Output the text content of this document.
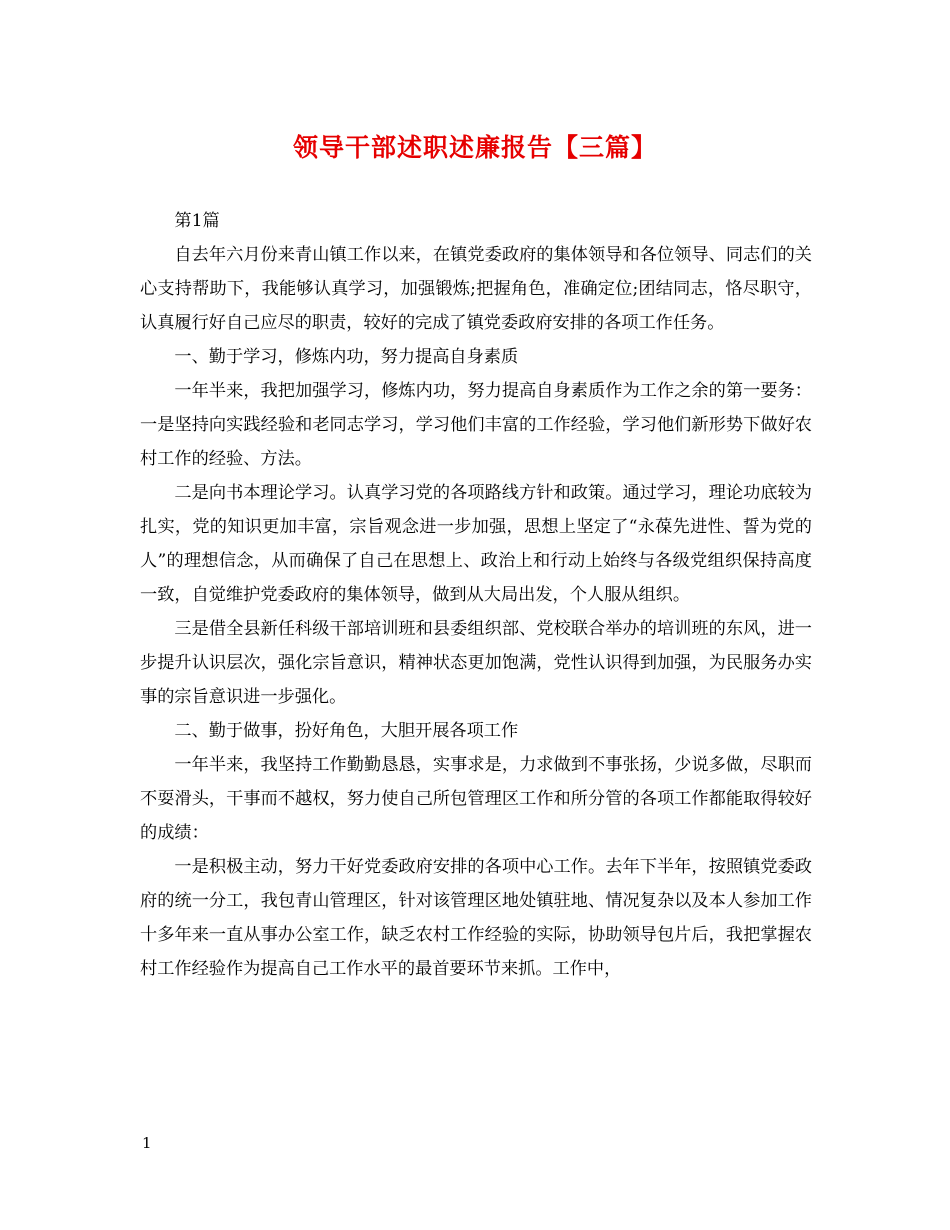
领导干部述职述廉报告【三篇】

第1篇

自去年六月份来青山镇工作以来，在镇党委政府的集体领导和各位领导、同志们的关心支持帮助下，我能够认真学习，加强锻炼;把握角色，准确定位;团结同志，恪尽职守，认真履行好自己应尽的职责，较好的完成了镇党委政府安排的各项工作任务。

一、勤于学习，修炼内功，努力提高自身素质

一年半来，我把加强学习，修炼内功，努力提高自身素质作为工作之余的第一要务：一是坚持向实践经验和老同志学习，学习他们丰富的工作经验，学习他们新形势下做好农村工作的经验、方法。

二是向书本理论学习。认真学习党的各项路线方针和政策。通过学习，理论功底较为扎实，党的知识更加丰富，宗旨观念进一步加强，思想上坚定了“永葆先进性、誓为党的人”的理想信念，从而确保了自己在思想上、政治上和行动上始终与各级党组织保持高度一致，自觉维护党委政府的集体领导，做到从大局出发，个人服从组织。

三是借全县新任科级干部培训班和县委组织部、党校联合举办的培训班的东风，进一步提升认识层次，强化宗旨意识，精神状态更加饱满，党性认识得到加强，为民服务办实事的宗旨意识进一步强化。

二、勤于做事，扮好角色，大胆开展各项工作

一年半来，我坚持工作勤勤恳恳，实事求是，力求做到不事张扬，少说多做，尽职而不耍滑头，干事而不越权，努力使自己所包管理区工作和所分管的各项工作都能取得较好的成绩：

一是积极主动，努力干好党委政府安排的各项中心工作。去年下半年，按照镇党委政府的统一分工，我包青山管理区，针对该管理区地处镇驻地、情况复杂以及本人参加工作十多年来一直从事办公室工作，缺乏农村工作经验的实际，协助领导包片后，我把掌握农村工作经验作为提高自己工作水平的最首要环节来抓。工作中，

1
